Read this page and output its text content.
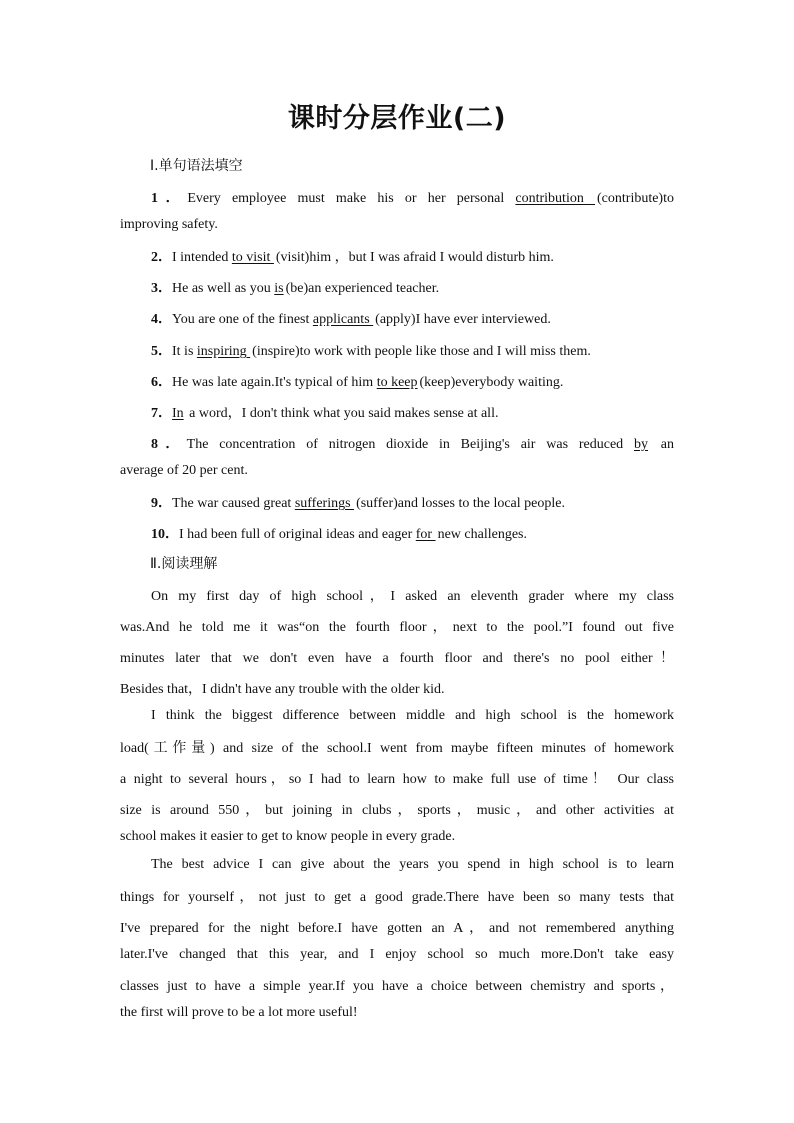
课时分层作业(二)
Ⅰ.单句语法填空
1．Every employee must make his or her personal contribution (contribute)to
improving safety.
2．I intended to visit (visit)him ，but I was afraid I would disturb him.
3．He as well as you is (be)an experienced teacher.
4．You are one of the finest applicants (apply)I have ever interviewed.
5．It is inspiring (inspire)to work with people like those and I will miss them.
6．He was late again.It's typical of him to keep (keep)everybody waiting.
7．In a word，I don't think what you said makes sense at all.
8．The concentration of nitrogen dioxide in Beijing's air was reduced by an
average of 20 per cent.
9．The war caused great sufferings (suffer)and losses to the local people.
10．I had been full of original ideas and eager for new challenges.
Ⅱ.阅读理解
On my first day of high school，I asked an eleventh grader where my class
was.And he told me it was“on the fourth floor，next to the pool.”I found out five
minutes later that we don't even have a fourth floor and there's no pool either！
Besides that，I didn't have any trouble with the older kid.
I think the biggest difference between middle and high school is the homework
load(工作量) and size of the school.I went from maybe fifteen minutes of homework
a night to several hours，so I had to learn how to make full use of time！ Our class
size is around 550，but joining in clubs，sports，music，and other activities at
school makes it easier to get to know people in every grade.
The best advice I can give about the years you spend in high school is to learn
things for yourself，not just to get a good grade.There have been so many tests that
I've prepared for the night before.I have gotten an A，and not remembered anything
later.I've changed that this year, and I enjoy school so much more.Don't take easy
classes just to have a simple year.If you have a choice between chemistry and sports，
the first will prove to be a lot more useful!
